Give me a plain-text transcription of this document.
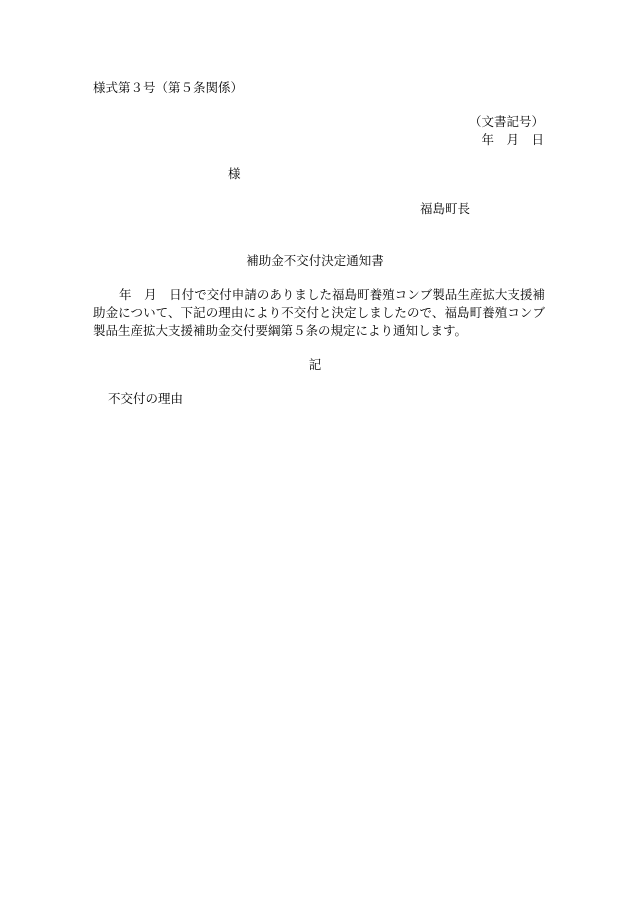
様式第３号（第５条関係）
（文書記号）
年　月　日
様
福島町長
補助金不交付決定通知書
年　月　日付で交付申請のありました福島町養殖コンブ製品生産拡大支援補助金について、下記の理由により不交付と決定しましたので、福島町養殖コンブ製品生産拡大支援補助金交付要綱第５条の規定により通知します。
記
不交付の理由
